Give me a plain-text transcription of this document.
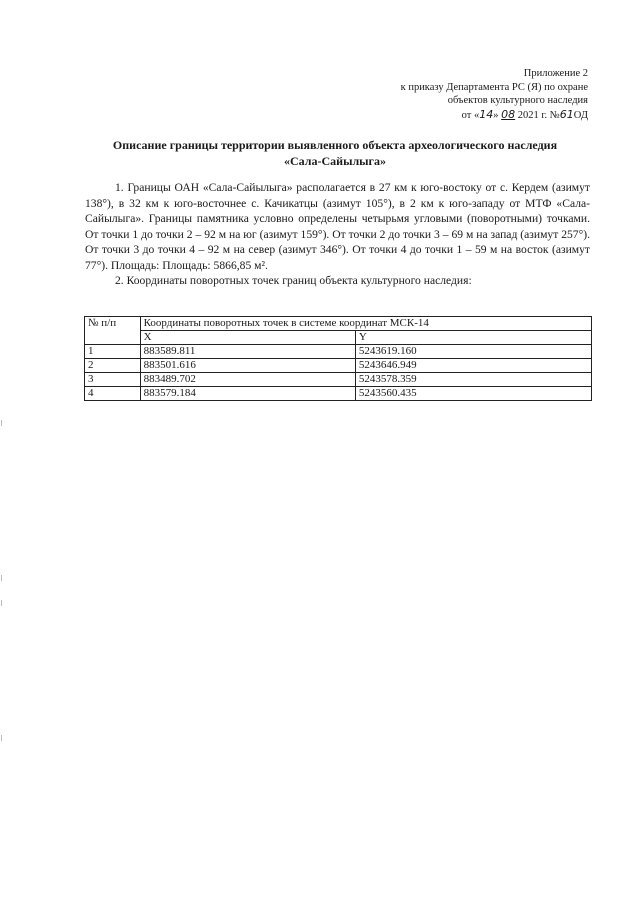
Приложение 2
к приказу Департамента РС (Я) по охране
объектов культурного наследия
от «14» 08 2021 г. №61ОД
Описание границы территории выявленного объекта археологического наследия
«Сала-Сайылыга»

1. Границы ОАН «Сала-Сайылыга» располагается в 27 км к юго-востоку от с. Кердем (азимут 138°), в 32 км к юго-восточнее с. Качикатцы (азимут 105°), в 2 км к юго-западу от МТФ «Сала-Сайылыга». Границы памятника условно определены четырьмя угловыми (поворотными) точками. От точки 1 до точки 2 – 92 м на юг (азимут 159°). От точки 2 до точки 3 – 69 м на запад (азимут 257°). От точки 3 до точки 4 – 92 м на север (азимут 346°). От точки 4 до точки 1 – 59 м на восток (азимут 77°). Площадь: Площадь: 5866,85 м².

2. Координаты поворотных точек границ объекта культурного наследия:

№ п/п	Координаты поворотных точек в системе координат МСК-14	
	X	Y
1	883589.811	5243619.160
2	883501.616	5243646.949
3	883489.702	5243578.359
4	883579.184	5243560.435
